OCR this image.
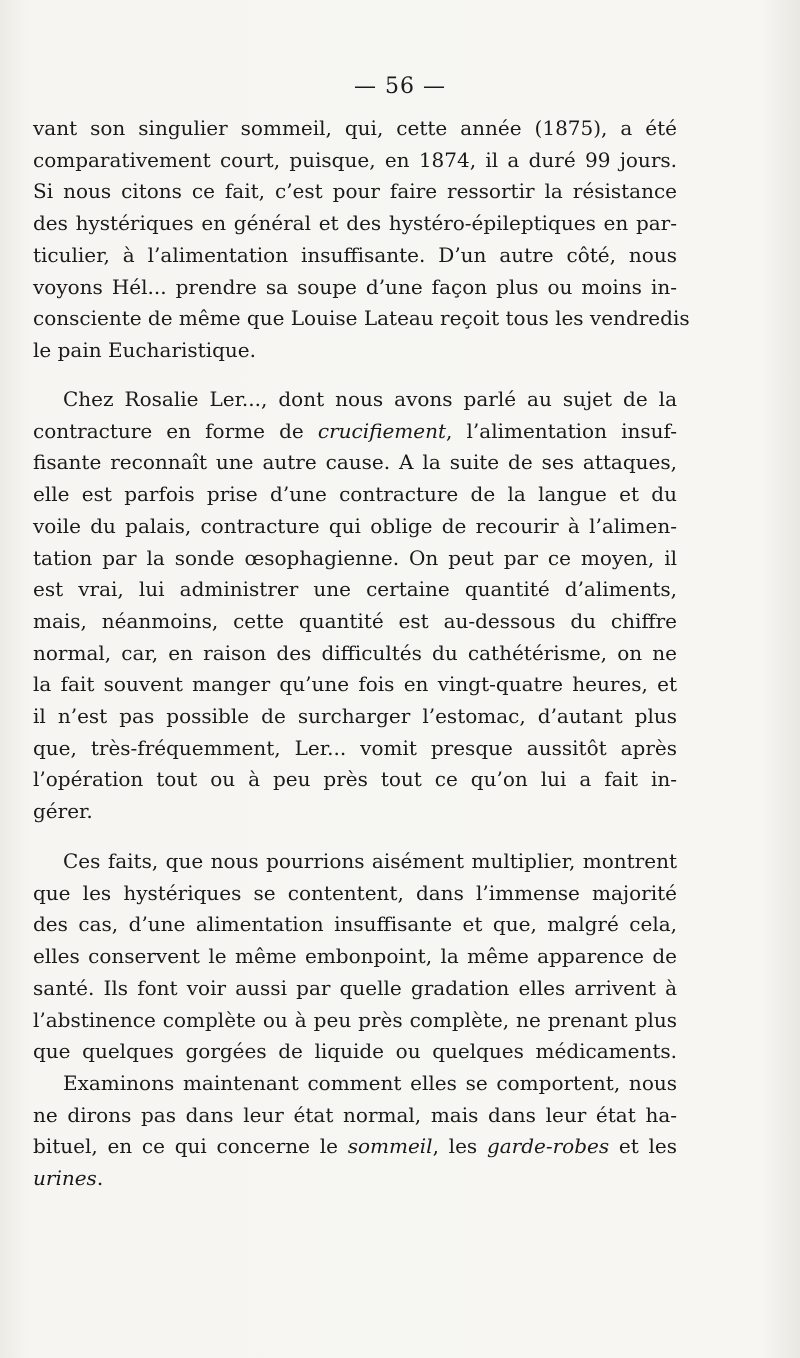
— 56 —
vant son singulier sommeil, qui, cette année (1875), a été
comparativement court, puisque, en 1874, il a duré 99 jours.
Si nous citons ce fait, c’est pour faire ressortir la résistance
des hystériques en général et des hystéro-épileptiques en par-
ticulier, à l’alimentation insuffisante. D’un autre côté, nous
voyons Hél... prendre sa soupe d’une façon plus ou moins in-
consciente de même que Louise Lateau reçoit tous les vendredis
le pain Eucharistique.
Chez Rosalie Ler..., dont nous avons parlé au sujet de la
contracture en forme de crucifiement, l’alimentation insuf-
fisante reconnaît une autre cause. A la suite de ses attaques,
elle est parfois prise d’une contracture de la langue et du
voile du palais, contracture qui oblige de recourir à l’alimen-
tation par la sonde œsophagienne. On peut par ce moyen, il
est vrai, lui administrer une certaine quantité d’aliments,
mais, néanmoins, cette quantité est au-dessous du chiffre
normal, car, en raison des difficultés du cathétérisme, on ne
la fait souvent manger qu’une fois en vingt-quatre heures, et
il n’est pas possible de surcharger l’estomac, d’autant plus
que, très-fréquemment, Ler... vomit presque aussitôt après
l’opération tout ou à peu près tout ce qu’on lui a fait in-
gérer.
Ces faits, que nous pourrions aisément multiplier, montrent
que les hystériques se contentent, dans l’immense majorité
des cas, d’une alimentation insuffisante et que, malgré cela,
elles conservent le même embonpoint, la même apparence de
santé. Ils font voir aussi par quelle gradation elles arrivent à
l’abstinence complète ou à peu près complète, ne prenant plus
que quelques gorgées de liquide ou quelques médicaments.
Examinons maintenant comment elles se comportent, nous
ne dirons pas dans leur état normal, mais dans leur état ha-
bituel, en ce qui concerne le sommeil, les garde-robes et les
urines.
